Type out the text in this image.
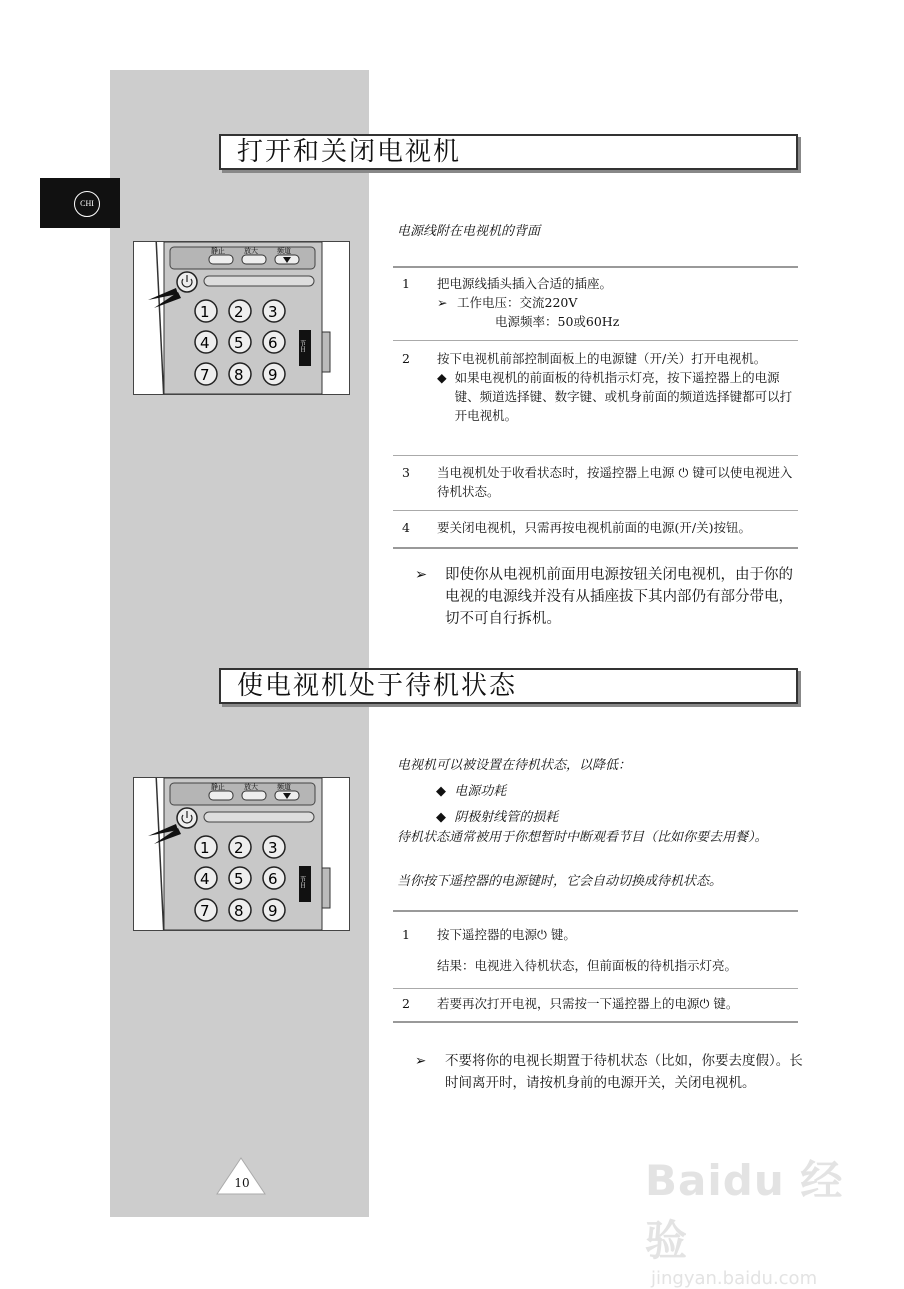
CHI
打开和关闭电视机
静止	放大	频道
1 2 3
4 5 6
7 8 9
节目
电源线附在电视机的背面
1 把电源线插头插入合适的插座。
➢ 工作电压：交流220V
电源频率：50或60Hz
2 按下电视机前部控制面板上的电源键（开/关）打开电视机。
◆ 如果电视机的前面板的待机指示灯亮，按下遥控器上的电源键、频道选择键、数字键、或机身前面的频道选择键都可以打开电视机。
3 当电视机处于收看状态时，按遥控器上电源 ⏻ 键可以使电视进入待机状态。
4 要关闭电视机，只需再按电视机前面的电源(开/关)按钮。
➢	即使你从电视机前面用电源按钮关闭电视机，由于你的电视的电源线并没有从插座拔下其内部仍有部分带电，切不可自行拆机。
使电视机处于待机状态
静止	放大	频道
1 2 3
4 5 6
7 8 9
节目
电视机可以被设置在待机状态，以降低：
◆ 电源功耗
◆ 阴极射线管的损耗
待机状态通常被用于你想暂时中断观看节目（比如你要去用餐）。
当你按下遥控器的电源键时，它会自动切换成待机状态。
1 按下遥控器的电源⏻ 键。
结果：电视进入待机状态，但前面板的待机指示灯亮。
2 若要再次打开电视，只需按一下遥控器上的电源⏻ 键。
➢	不要将你的电视长期置于待机状态（比如，你要去度假）。长时间离开时，请按机身前的电源开关，关闭电视机。
10	Baidu 经验
jingyan.baidu.com
